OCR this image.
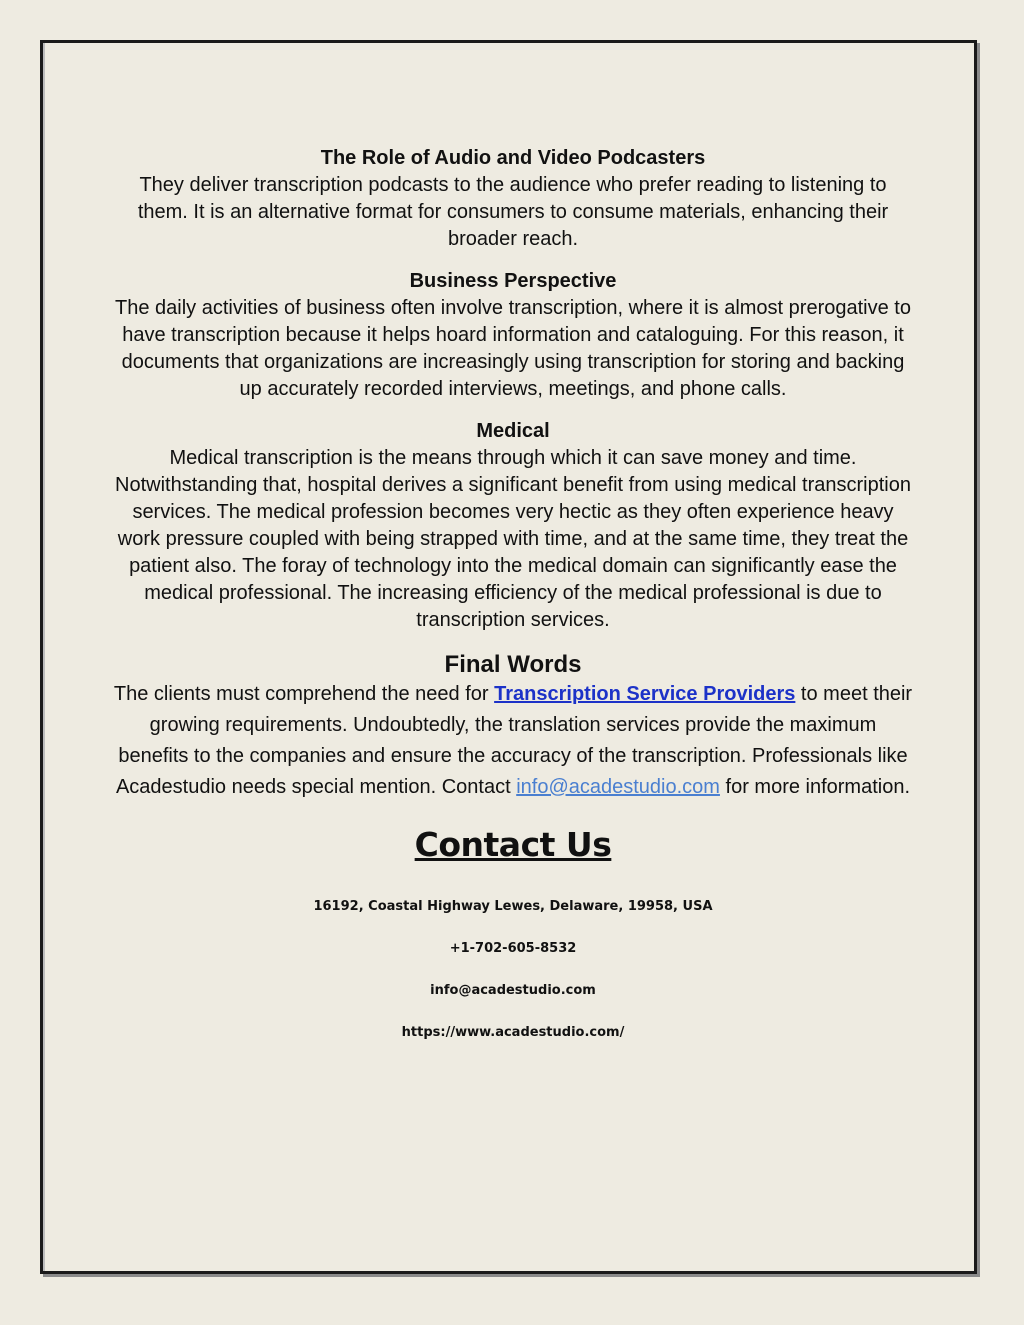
The Role of Audio and Video Podcasters

They deliver transcription podcasts to the audience who prefer reading to listening to them. It is an alternative format for consumers to consume materials, enhancing their broader reach.

Business Perspective

The daily activities of business often involve transcription, where it is almost prerogative to have transcription because it helps hoard information and cataloguing. For this reason, it documents that organizations are increasingly using transcription for storing and backing up accurately recorded interviews, meetings, and phone calls.

Medical

Medical transcription is the means through which it can save money and time. Notwithstanding that, hospital derives a significant benefit from using medical transcription services. The medical profession becomes very hectic as they often experience heavy work pressure coupled with being strapped with time, and at the same time, they treat the patient also. The foray of technology into the medical domain can significantly ease the medical professional. The increasing efficiency of the medical professional is due to transcription services.

Final Words

The clients must comprehend the need for Transcription Service Providers to meet their growing requirements. Undoubtedly, the translation services provide the maximum benefits to the companies and ensure the accuracy of the transcription. Professionals like Acadestudio needs special mention. Contact info@acadestudio.com for more information.

Contact Us
16192, Coastal Highway Lewes, Delaware, 19958, USA
+1-702-605-8532
info@acadestudio.com
https://www.acadestudio.com/
